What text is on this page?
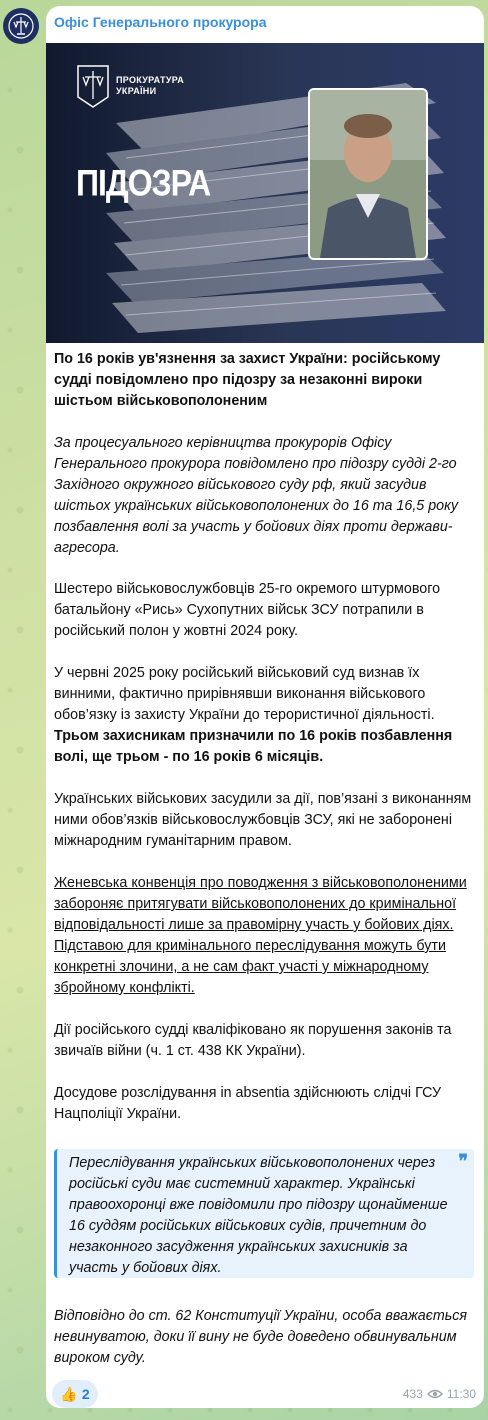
Офіс Генерального прокурора
ПРОКУРАТУРА
УКРАЇНИ
ПІДОЗРА

По 16 років ув'язнення за захист України: російському судді повідомлено про підозру за незаконні вироки шістьом військовополоненим

За процесуального керівництва прокурорів Офісу Генерального прокурора повідомлено про підозру судді 2-го Західного окружного військового суду рф, який засудив шістьох українських військовополонених до 16 та 16,5 року позбавлення волі за участь у бойових діях проти держави-агресора.

Шестеро військовослужбовців 25-го окремого штурмового батальйону «Рись» Сухопутних військ ЗСУ потрапили в російський полон у жовтні 2024 року.

У червні 2025 року російський військовий суд визнав їх винними, фактично прирівнявши виконання військового обов’язку із захисту України до терористичної діяльності. Трьом захисникам призначили по 16 років позбавлення волі, ще трьом - по 16 років 6 місяців.

Українських військових засудили за дії, пов’язані з виконанням ними обов’язків військовослужбовців ЗСУ, які не заборонені міжнародним гуманітарним правом.

Женевська конвенція про поводження з військовополоненими забороняє притягувати військовополонених до кримінальної відповідальності лише за правомірну участь у бойових діях. Підставою для кримінального переслідування можуть бути конкретні злочини, а не сам факт участі у міжнародному збройному конфлікті.

Дії російського судді кваліфіковано як порушення законів та звичаїв війни (ч. 1 ст. 438 КК України).

Досудове розслідування in absentia здійснюють слідчі ГСУ Нацполіції України.

Переслідування українських військовополонених через російські суди має системний характер. Українські правоохоронці вже повідомили про підозру щонайменше 16 суддям російських військових судів, причетним до незаконного засудження українських захисників за участь у бойових діях.

❞

Відповідно до ст. 62 Конституції України, особа вважається невинуватою, доки її вину не буде доведено обвинувальним вироком суду.

👍 2	433 11:30
